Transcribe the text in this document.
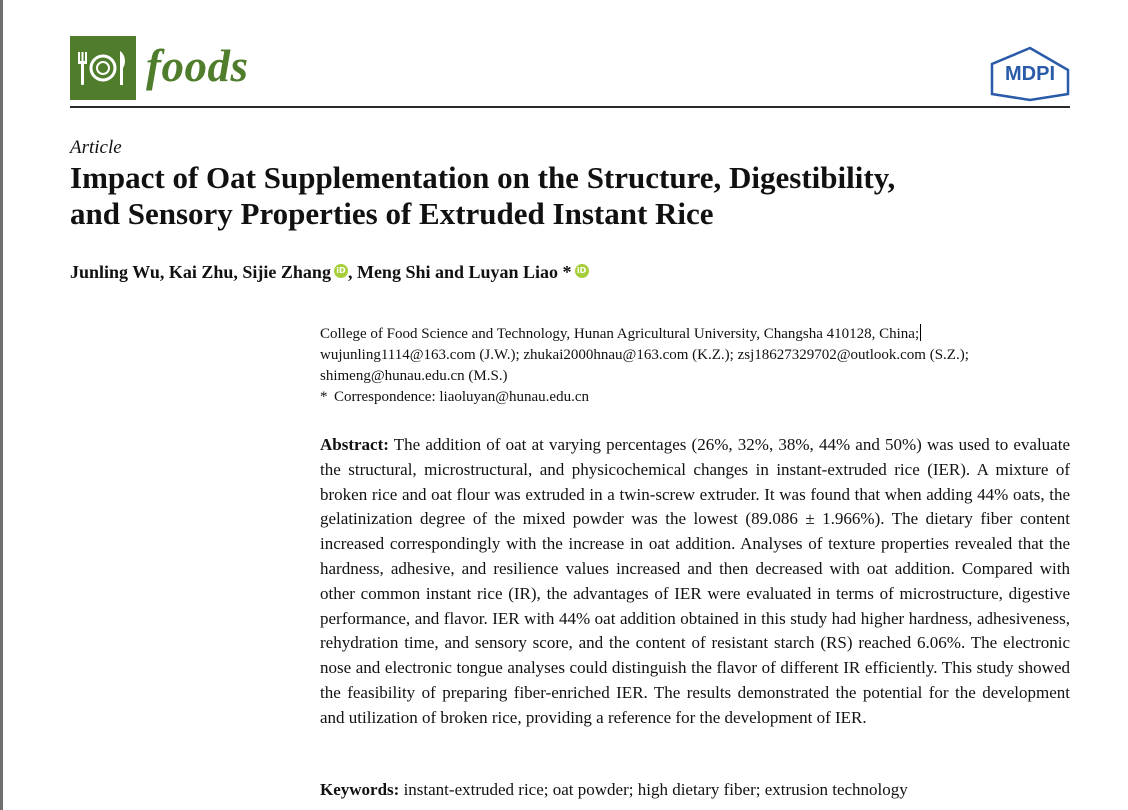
foods	MDPI
Article
Impact of Oat Supplementation on the Structure, Digestibility,
and Sensory Properties of Extruded Instant Rice
Junling Wu, Kai Zhu, Sijie Zhang iD , Meng Shi and Luyan Liao * iD
College of Food Science and Technology, Hunan Agricultural University, Changsha 410128, China;
wujunling1114@163.com (J.W.); zhukai2000hnau@163.com (K.Z.); zsj18627329702@outlook.com (S.Z.);
shimeng@hunau.edu.cn (M.S.)
* Correspondence: liaoluyan@hunau.edu.cn

Abstract: The addition of oat at varying percentages (26%, 32%, 38%, 44% and 50%) was used to evaluate the structural, microstructural, and physicochemical changes in instant-extruded rice (IER). A mixture of broken rice and oat flour was extruded in a twin-screw extruder. It was found that when adding 44% oats, the gelatinization degree of the mixed powder was the lowest (89.086 ± 1.966%). The dietary fiber content increased correspondingly with the increase in oat addition. Analyses of texture properties revealed that the hardness, adhesive, and resilience values increased and then decreased with oat addition. Compared with other common instant rice (IR), the advantages of IER were evaluated in terms of microstructure, digestive performance, and flavor. IER with 44% oat addition obtained in this study had higher hardness, adhesiveness, rehydration time, and sensory score, and the content of resistant starch (RS) reached 6.06%. The electronic nose and electronic tongue analyses could distinguish the flavor of different IR efficiently. This study showed the feasibility of preparing fiber-enriched IER. The results demonstrated the potential for the development and utilization of broken rice, providing a reference for the development of IER.

Keywords: instant-extruded rice; oat powder; high dietary fiber; extrusion technology
